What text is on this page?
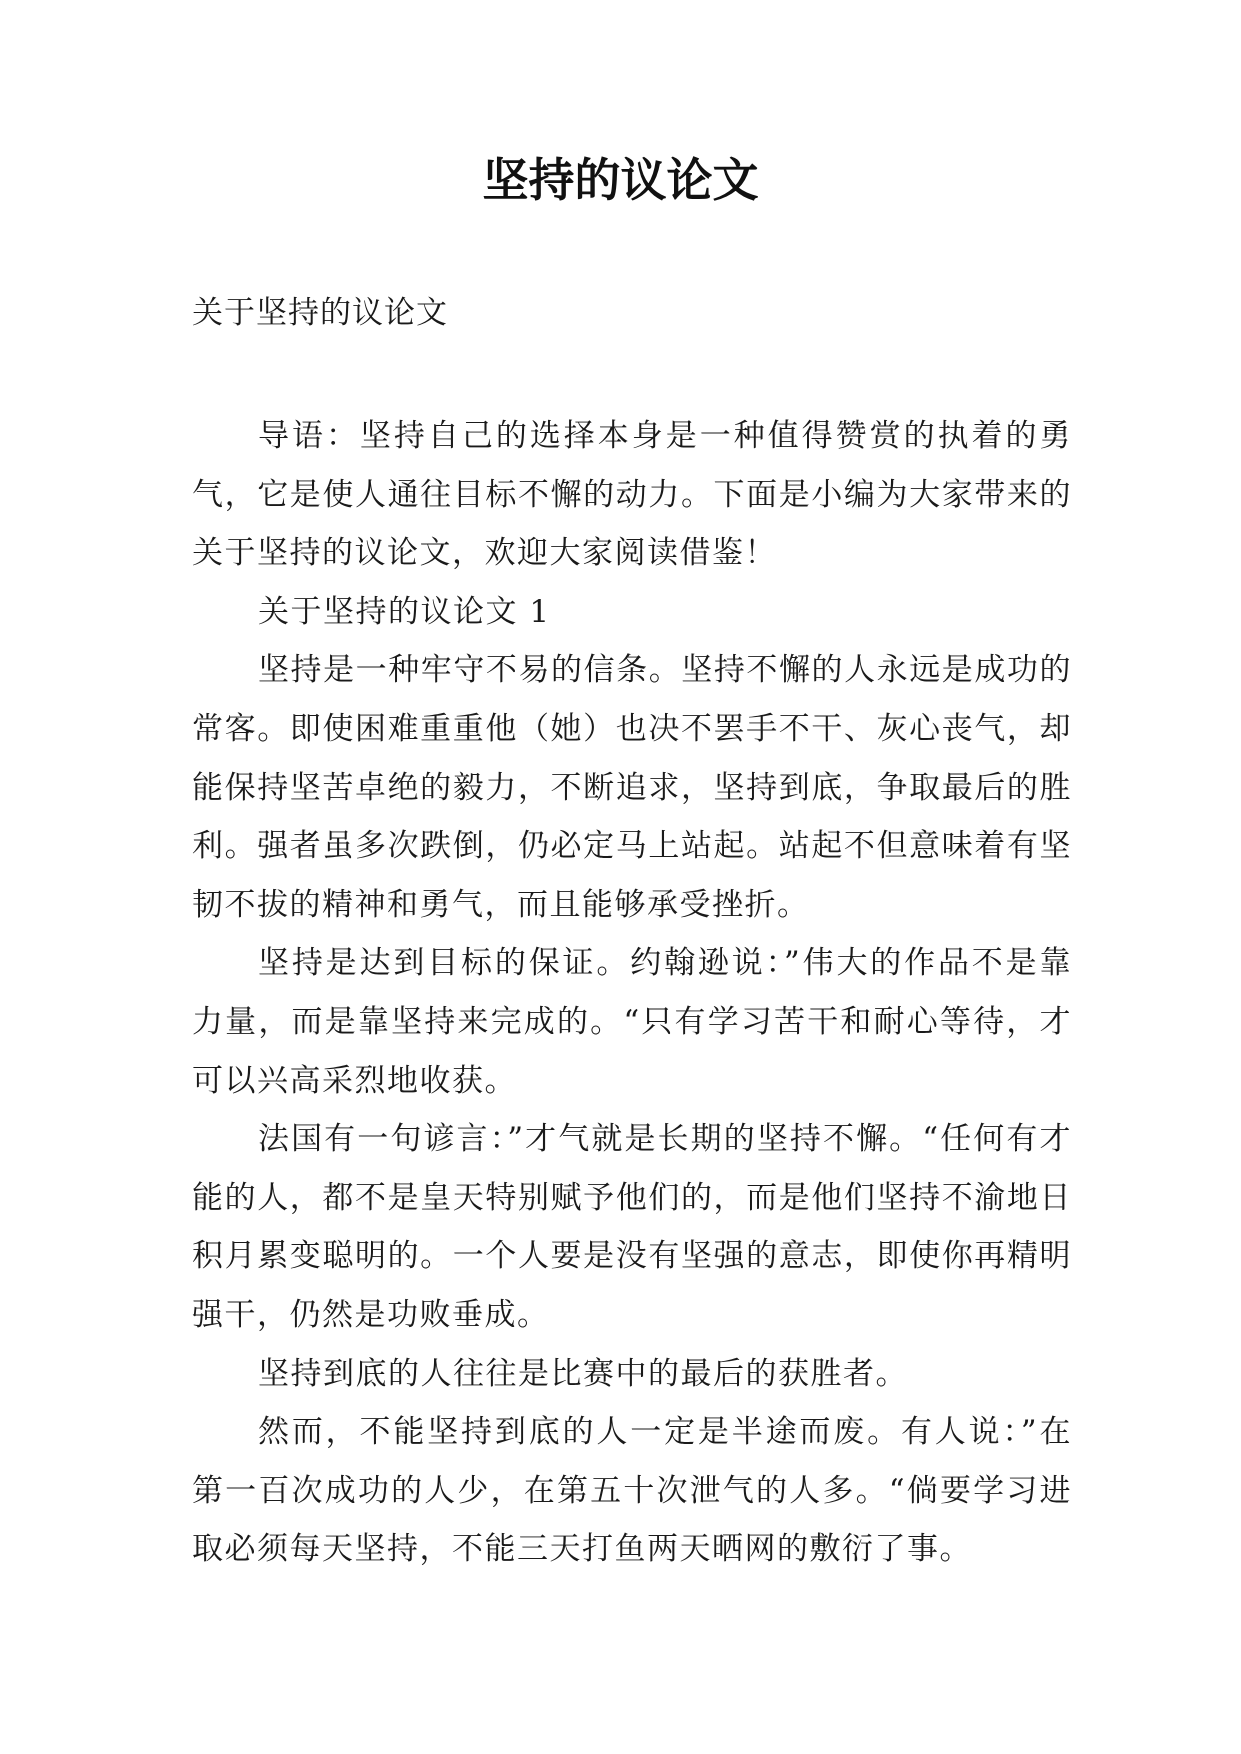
坚持的议论文

关于坚持的议论文

导语：坚持自己的选择本身是一种值得赞赏的执着的勇气，它是使人通往目标不懈的动力。下面是小编为大家带来的关于坚持的议论文，欢迎大家阅读借鉴！

关于坚持的议论文 1

坚持是一种牢守不易的信条。坚持不懈的人永远是成功的常客。即使困难重重他（她）也决不罢手不干、灰心丧气，却能保持坚苦卓绝的毅力，不断追求，坚持到底，争取最后的胜利。强者虽多次跌倒，仍必定马上站起。站起不但意味着有坚韧不拔的精神和勇气，而且能够承受挫折。

坚持是达到目标的保证。约翰逊说：”伟大的作品不是靠力量，而是靠坚持来完成的。“只有学习苦干和耐心等待，才可以兴高采烈地收获。

法国有一句谚言：”才气就是长期的坚持不懈。“任何有才能的人，都不是皇天特别赋予他们的，而是他们坚持不渝地日积月累变聪明的。一个人要是没有坚强的意志，即使你再精明强干，仍然是功败垂成。

坚持到底的人往往是比赛中的最后的获胜者。

然而，不能坚持到底的人一定是半途而废。有人说：”在第一百次成功的人少，在第五十次泄气的人多。“倘要学习进取必须每天坚持，不能三天打鱼两天晒网的敷衍了事。
